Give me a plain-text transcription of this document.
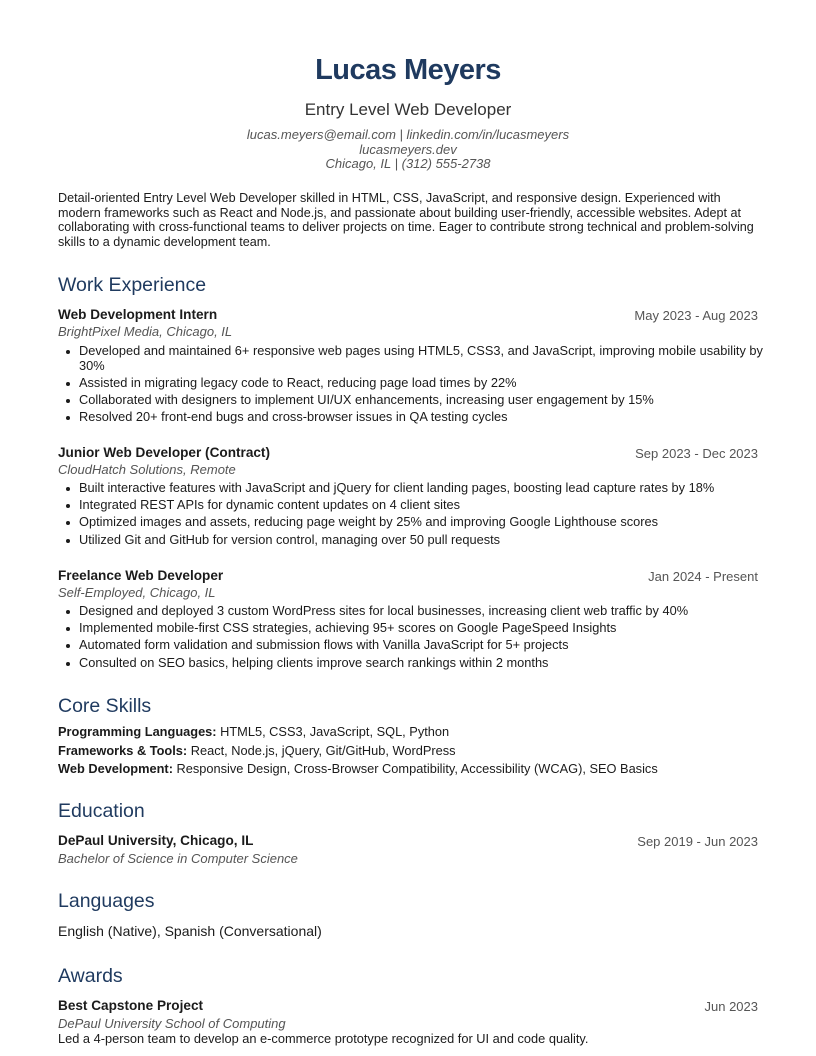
Lucas Meyers
Entry Level Web Developer
lucas.meyers@email.com | linkedin.com/in/lucasmeyers
lucasmeyers.dev
Chicago, IL | (312) 555-2738
Detail-oriented Entry Level Web Developer skilled in HTML, CSS, JavaScript, and responsive design. Experienced with modern frameworks such as React and Node.js, and passionate about building user-friendly, accessible websites. Adept at collaborating with cross-functional teams to deliver projects on time. Eager to contribute strong technical and problem-solving skills to a dynamic development team.
Work Experience
Web Development Intern	May 2023 - Aug 2023
BrightPixel Media, Chicago, IL
Developed and maintained 6+ responsive web pages using HTML5, CSS3, and JavaScript, improving mobile usability by 30%
Assisted in migrating legacy code to React, reducing page load times by 22%
Collaborated with designers to implement UI/UX enhancements, increasing user engagement by 15%
Resolved 20+ front-end bugs and cross-browser issues in QA testing cycles
Junior Web Developer (Contract)	Sep 2023 - Dec 2023
CloudHatch Solutions, Remote
Built interactive features with JavaScript and jQuery for client landing pages, boosting lead capture rates by 18%
Integrated REST APIs for dynamic content updates on 4 client sites
Optimized images and assets, reducing page weight by 25% and improving Google Lighthouse scores
Utilized Git and GitHub for version control, managing over 50 pull requests
Freelance Web Developer	Jan 2024 - Present
Self-Employed, Chicago, IL
Designed and deployed 3 custom WordPress sites for local businesses, increasing client web traffic by 40%
Implemented mobile-first CSS strategies, achieving 95+ scores on Google PageSpeed Insights
Automated form validation and submission flows with Vanilla JavaScript for 5+ projects
Consulted on SEO basics, helping clients improve search rankings within 2 months
Core Skills
Programming Languages: HTML5, CSS3, JavaScript, SQL, Python
Frameworks & Tools: React, Node.js, jQuery, Git/GitHub, WordPress
Web Development: Responsive Design, Cross-Browser Compatibility, Accessibility (WCAG), SEO Basics
Education
DePaul University, Chicago, IL	Sep 2019 - Jun 2023
Bachelor of Science in Computer Science
Languages
English (Native), Spanish (Conversational)
Awards
Best Capstone Project	Jun 2023
DePaul University School of Computing
Led a 4-person team to develop an e-commerce prototype recognized for UI and code quality.
